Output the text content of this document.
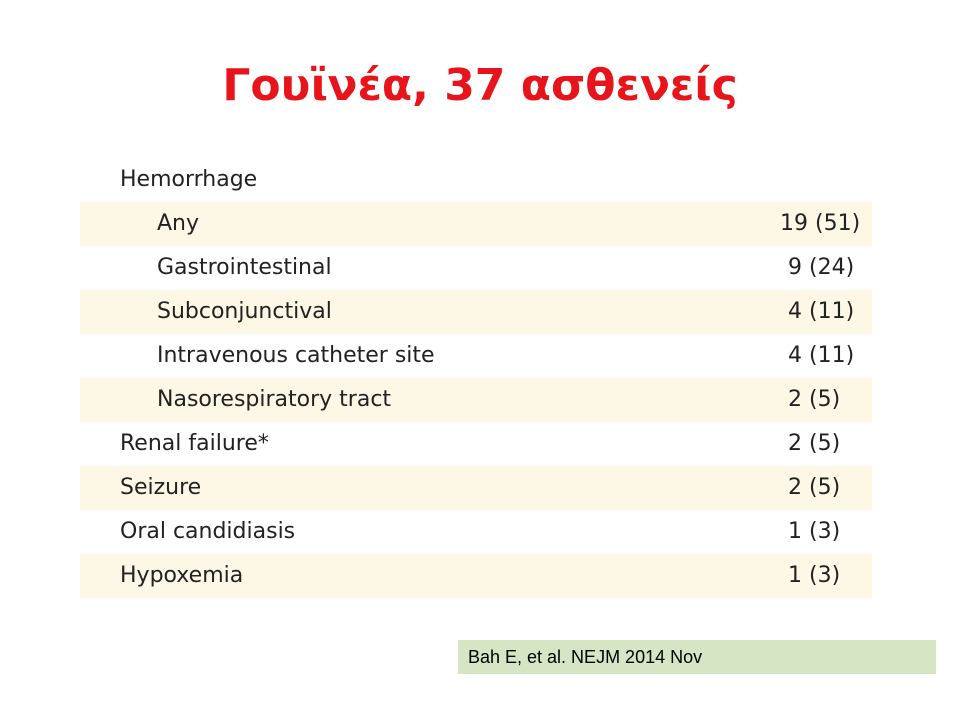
Γουϊνέα, 37 ασθενείς
Hemorrhage
Any	19 (51)
Gastrointestinal	9 (24)
Subconjunctival	4 (11)
Intravenous catheter site	4 (11)
Nasorespiratory tract	2 (5)
Renal failure*	2 (5)
Seizure	2 (5)
Oral candidiasis	1 (3)
Hypoxemia	1 (3)
Bah E, et al. NEJM 2014 Nov
